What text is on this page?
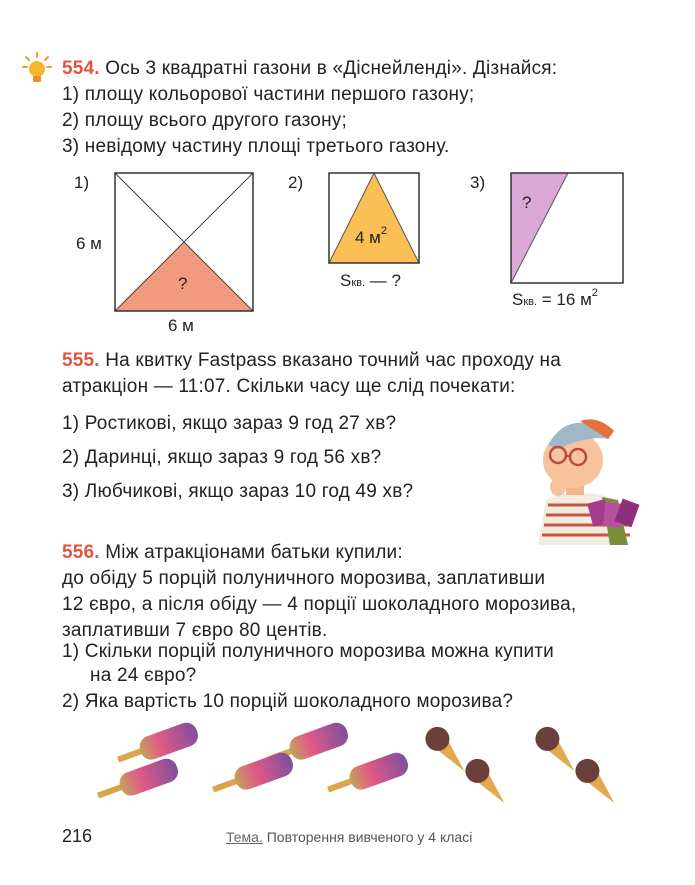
554. Ось 3 квадратні газони в «Діснейленді». Дізнайся:
1) площу кольорової частини першого газону;
2) площу всього другого газону;
3) невідому частину площі третього газону.
1)
?
6 м
6 м
2)
4 $м^2$
Sкв. — ?
3)
?
Sкв. = 16 $м^2$
555. На квитку Fastpass вказано точний час проходу на
атракціон — 11:07. Скільки часу ще слід почекати:
1) Ростикові, якщо зараз 9 год 27 хв?
2) Даринці, якщо зараз 9 год 56 хв?
3) Любчикові, якщо зараз 10 год 49 хв?
556. Між атракціонами батьки купили:
до обіду 5 порцій полуничного морозива, заплативши
12 євро, а після обіду — 4 порції шоколадного морозива,
заплативши 7 євро 80 центів.
1) Скільки порцій полуничного морозива можна купити
на 24 євро?
2) Яка вартість 10 порцій шоколадного морозива?
216	Тема. Повторення вивченого у 4 класі
